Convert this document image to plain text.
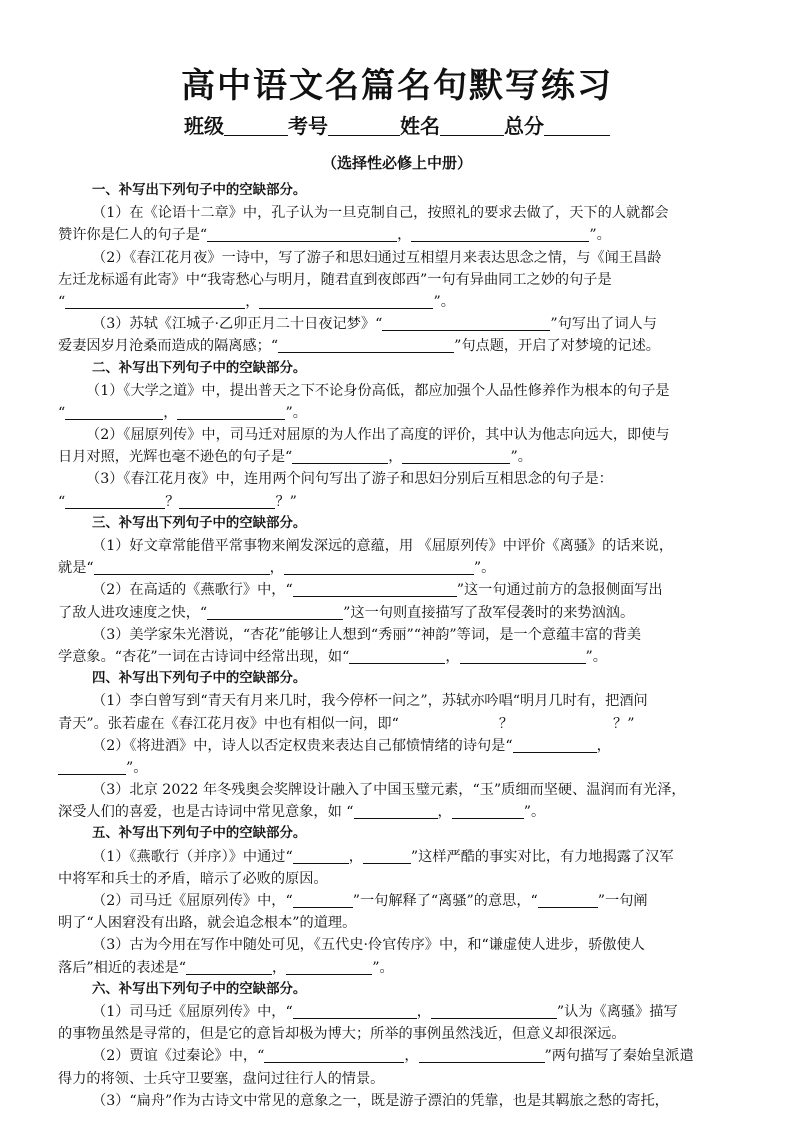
高中语文名篇名句默写练习
班级	考号	姓名	总分
（选择性必修上中册）
一、补写出下列句子中的空缺部分。
（1）在《论语十二章》中，孔子认为一旦克制自己，按照礼的要求去做了，天下的人就都会
赞许你是仁人的句子是“	，	”。
（2）《春江花月夜》一诗中，写了游子和思妇通过互相望月来表达思念之情，与《闻王昌龄
左迁龙标遥有此寄》中“我寄愁心与明月，随君直到夜郎西”一句有异曲同工之妙的句子是
“	，	”。
（3）苏轼《江城子·乙卯正月二十日夜记梦》“	”句写出了词人与
爱妻因岁月沧桑而造成的隔离感；“	”句点题，开启了对梦境的记述。
二、补写出下列句子中的空缺部分。
（1）《大学之道》中，提出普天之下不论身份高低，都应加强个人品性修养作为根本的句子是
“	，	”。
（2）《屈原列传》中，司马迁对屈原的为人作出了高度的评价，其中认为他志向远大，即使与
日月对照，光辉也毫不逊色的句子是“	，	”。
（3）《春江花月夜》中，连用两个问句写出了游子和思妇分别后互相思念的句子是：
“	？	？”
三、补写出下列句子中的空缺部分。
（1）好文章常能借平常事物来阐发深远的意蕴，用 《屈原列传》中评价《离骚》的话来说，
就是“	，	”。
（2）在高适的《燕歌行》中，“	”这一句通过前方的急报侧面写出
了敌人进攻速度之快，“	”这一句则直接描写了敌军侵袭时的来势汹汹。
（3）美学家朱光潜说，“杏花”能够让人想到“秀丽”“神韵”等词，是一个意蕴丰富的背美
学意象。“杏花”一词在古诗词中经常出现，如“	，	”。
四、补写出下列句子中的空缺部分。
（1）李白曾写到“青天有月来几时，我今停杯一问之”，苏轼亦吟唱“明月几时有，把酒问
青天”。张若虚在《春江花月夜》中也有相似一问，即“	？	？”
（2）《将进酒》中，诗人以否定权贵来表达自己郁愤情绪的诗句是“	，
”。
（3）北京 2022 年冬残奥会奖牌设计融入了中国玉璧元素，“玉”质细而坚硬、温润而有光泽，
深受人们的喜爱，也是古诗词中常见意象，如 “	，	”。
五、补写出下列句子中的空缺部分。
（1）《燕歌行（并序）》中通过“	，	”这样严酷的事实对比，有力地揭露了汉军
中将军和兵士的矛盾，暗示了必败的原因。
（2）司马迁《屈原列传》中，“	”一句解释了“离骚”的意思，“	”一句阐
明了“人困窘没有出路，就会追念根本”的道理。
（3）古为今用在写作中随处可见，《五代史·伶官传序》中，和“谦虚使人进步，骄傲使人
落后”相近的表述是“	，	”。
六、补写出下列句子中的空缺部分。
（1）司马迁《屈原列传》中，“	，	”认为《离骚》描写
的事物虽然是寻常的，但是它的意旨却极为博大；所举的事例虽然浅近，但意义却很深远。
（2）贾谊《过秦论》中，“	，	”两句描写了秦始皇派遣
得力的将领、士兵守卫要塞，盘问过往行人的情景。
（3）“扁舟”作为古诗文中常见的意象之一，既是游子漂泊的凭靠，也是其羁旅之愁的寄托，
